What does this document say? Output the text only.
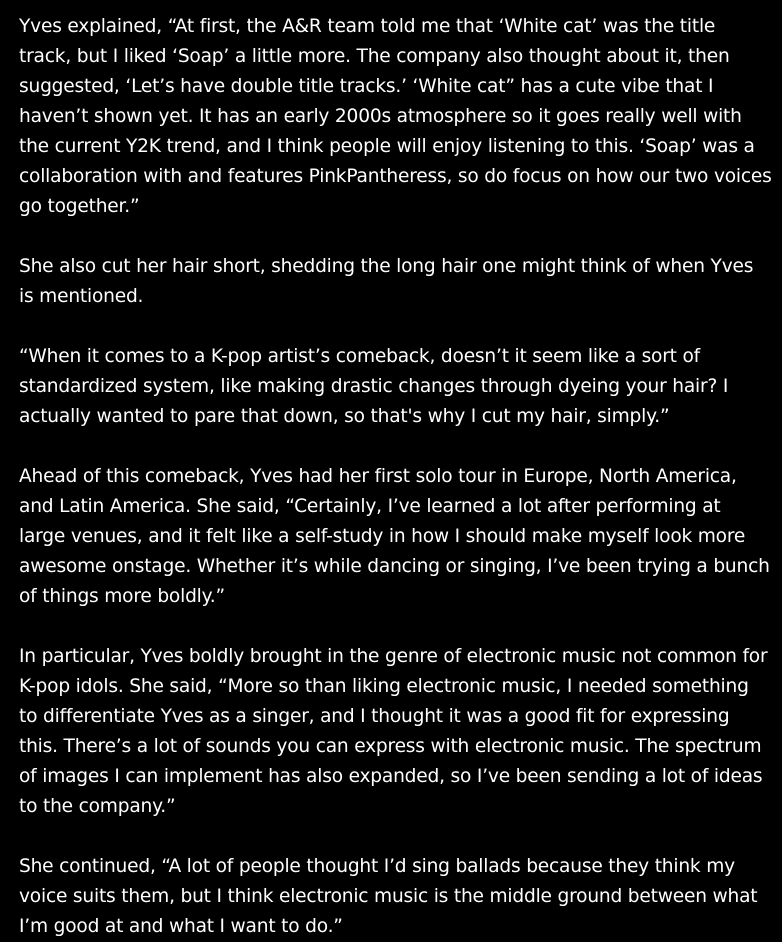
Yves explained, “At first, the A&R team told me that ‘White cat’ was the title track, but I liked ‘Soap’ a little more. The company also thought about it, then suggested, ‘Let’s have double title tracks.’ ‘White cat” has a cute vibe that I haven’t shown yet. It has an early 2000s atmosphere so it goes really well with the current Y2K trend, and I think people will enjoy listening to this. ‘Soap’ was a collaboration with and features PinkPantheress, so do focus on how our two voices go together.”

She also cut her hair short, shedding the long hair one might think of when Yves is mentioned.

“When it comes to a K-pop artist’s comeback, doesn’t it seem like a sort of standardized system, like making drastic changes through dyeing your hair? I actually wanted to pare that down, so that's why I cut my hair, simply.”

Ahead of this comeback, Yves had her first solo tour in Europe, North America, and Latin America. She said, “Certainly, I’ve learned a lot after performing at large venues, and it felt like a self-study in how I should make myself look more awesome onstage. Whether it’s while dancing or singing, I’ve been trying a bunch of things more boldly.”

In particular, Yves boldly brought in the genre of electronic music not common for K-pop idols. She said, “More so than liking electronic music, I needed something to differentiate Yves as a singer, and I thought it was a good fit for expressing this. There’s a lot of sounds you can express with electronic music. The spectrum of images I can implement has also expanded, so I’ve been sending a lot of ideas to the company.”

She continued, “A lot of people thought I’d sing ballads because they think my voice suits them, but I think electronic music is the middle ground between what I’m good at and what I want to do.”
